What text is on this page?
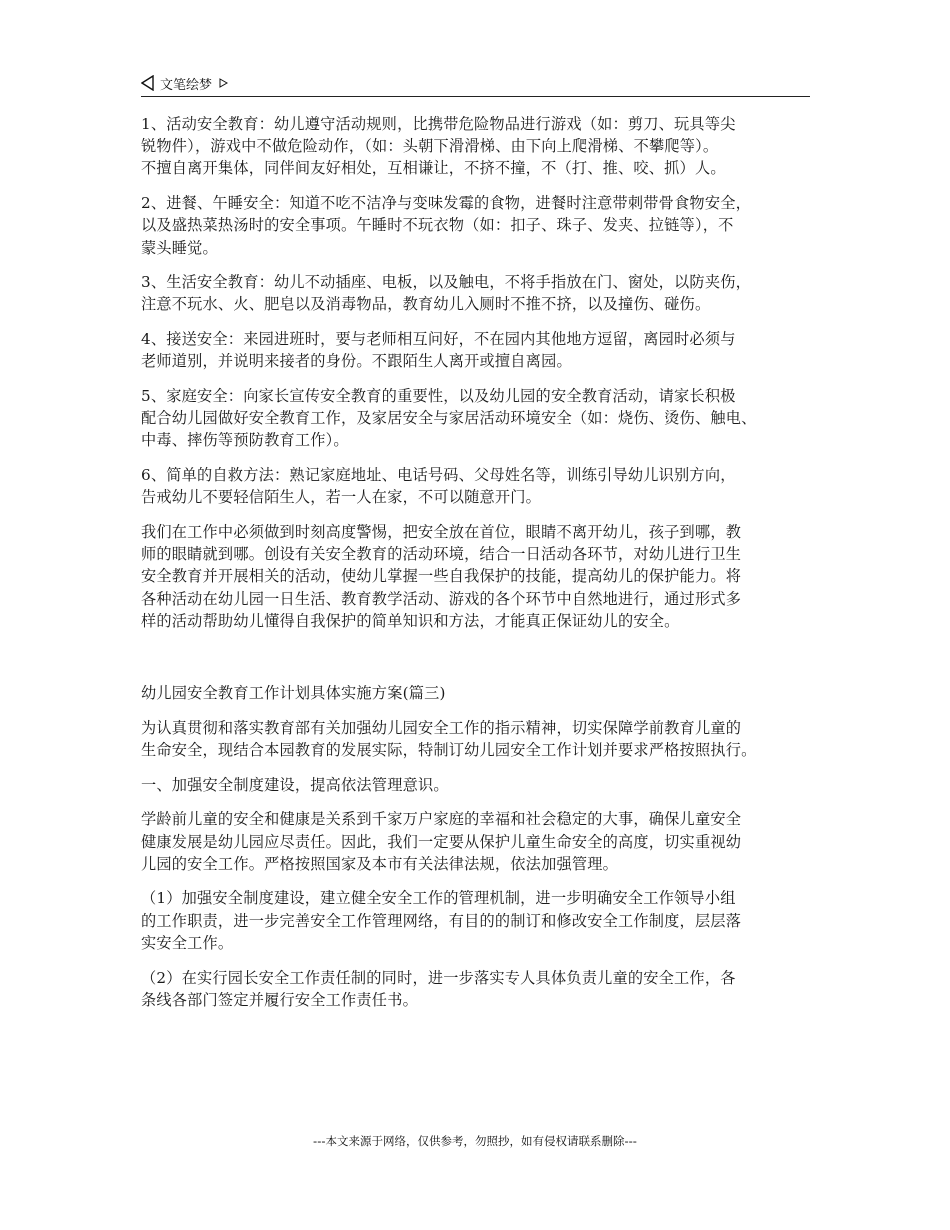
文笔绘梦

1、活动安全教育：幼儿遵守活动规则，比携带危险物品进行游戏（如：剪刀、玩具等尖
锐物件），游戏中不做危险动作，（如：头朝下滑滑梯、由下向上爬滑梯、不攀爬等）。
不擅自离开集体，同伴间友好相处，互相谦让，不挤不撞，不（打、推、咬、抓）人。

2、进餐、午睡安全：知道不吃不洁净与变味发霉的食物，进餐时注意带刺带骨食物安全，
以及盛热菜热汤时的安全事项。午睡时不玩衣物（如：扣子、珠子、发夹、拉链等），不
蒙头睡觉。

3、生活安全教育：幼儿不动插座、电板，以及触电，不将手指放在门、窗处，以防夹伤，
注意不玩水、火、肥皂以及消毒物品，教育幼儿入厕时不推不挤，以及撞伤、碰伤。

4、接送安全：来园进班时，要与老师相互问好，不在园内其他地方逗留，离园时必须与
老师道别，并说明来接者的身份。不跟陌生人离开或擅自离园。

5、家庭安全：向家长宣传安全教育的重要性，以及幼儿园的安全教育活动，请家长积极
配合幼儿园做好安全教育工作，及家居安全与家居活动环境安全（如：烧伤、烫伤、触电、
中毒、摔伤等预防教育工作）。

6、简单的自救方法：熟记家庭地址、电话号码、父母姓名等，训练引导幼儿识别方向，
告戒幼儿不要轻信陌生人，若一人在家，不可以随意开门。

我们在工作中必须做到时刻高度警惕，把安全放在首位，眼睛不离开幼儿，孩子到哪，教
师的眼睛就到哪。创设有关安全教育的活动环境，结合一日活动各环节，对幼儿进行卫生
安全教育并开展相关的活动，使幼儿掌握一些自我保护的技能，提高幼儿的保护能力。将
各种活动在幼儿园一日生活、教育教学活动、游戏的各个环节中自然地进行，通过形式多
样的活动帮助幼儿懂得自我保护的简单知识和方法，才能真正保证幼儿的安全。

幼儿园安全教育工作计划具体实施方案(篇三)

为认真贯彻和落实教育部有关加强幼儿园安全工作的指示精神，切实保障学前教育儿童的
生命安全，现结合本园教育的发展实际，特制订幼儿园安全工作计划并要求严格按照执行。

一、加强安全制度建设，提高依法管理意识。

学龄前儿童的安全和健康是关系到千家万户家庭的幸福和社会稳定的大事，确保儿童安全
健康发展是幼儿园应尽责任。因此，我们一定要从保护儿童生命安全的高度，切实重视幼
儿园的安全工作。严格按照国家及本市有关法律法规，依法加强管理。

（1）加强安全制度建设，建立健全安全工作的管理机制，进一步明确安全工作领导小组
的工作职责，进一步完善安全工作管理网络，有目的的制订和修改安全工作制度，层层落
实安全工作。

（2）在实行园长安全工作责任制的同时，进一步落实专人具体负责儿童的安全工作，各
条线各部门签定并履行安全工作责任书。

---本文来源于网络，仅供参考，勿照抄，如有侵权请联系删除---
